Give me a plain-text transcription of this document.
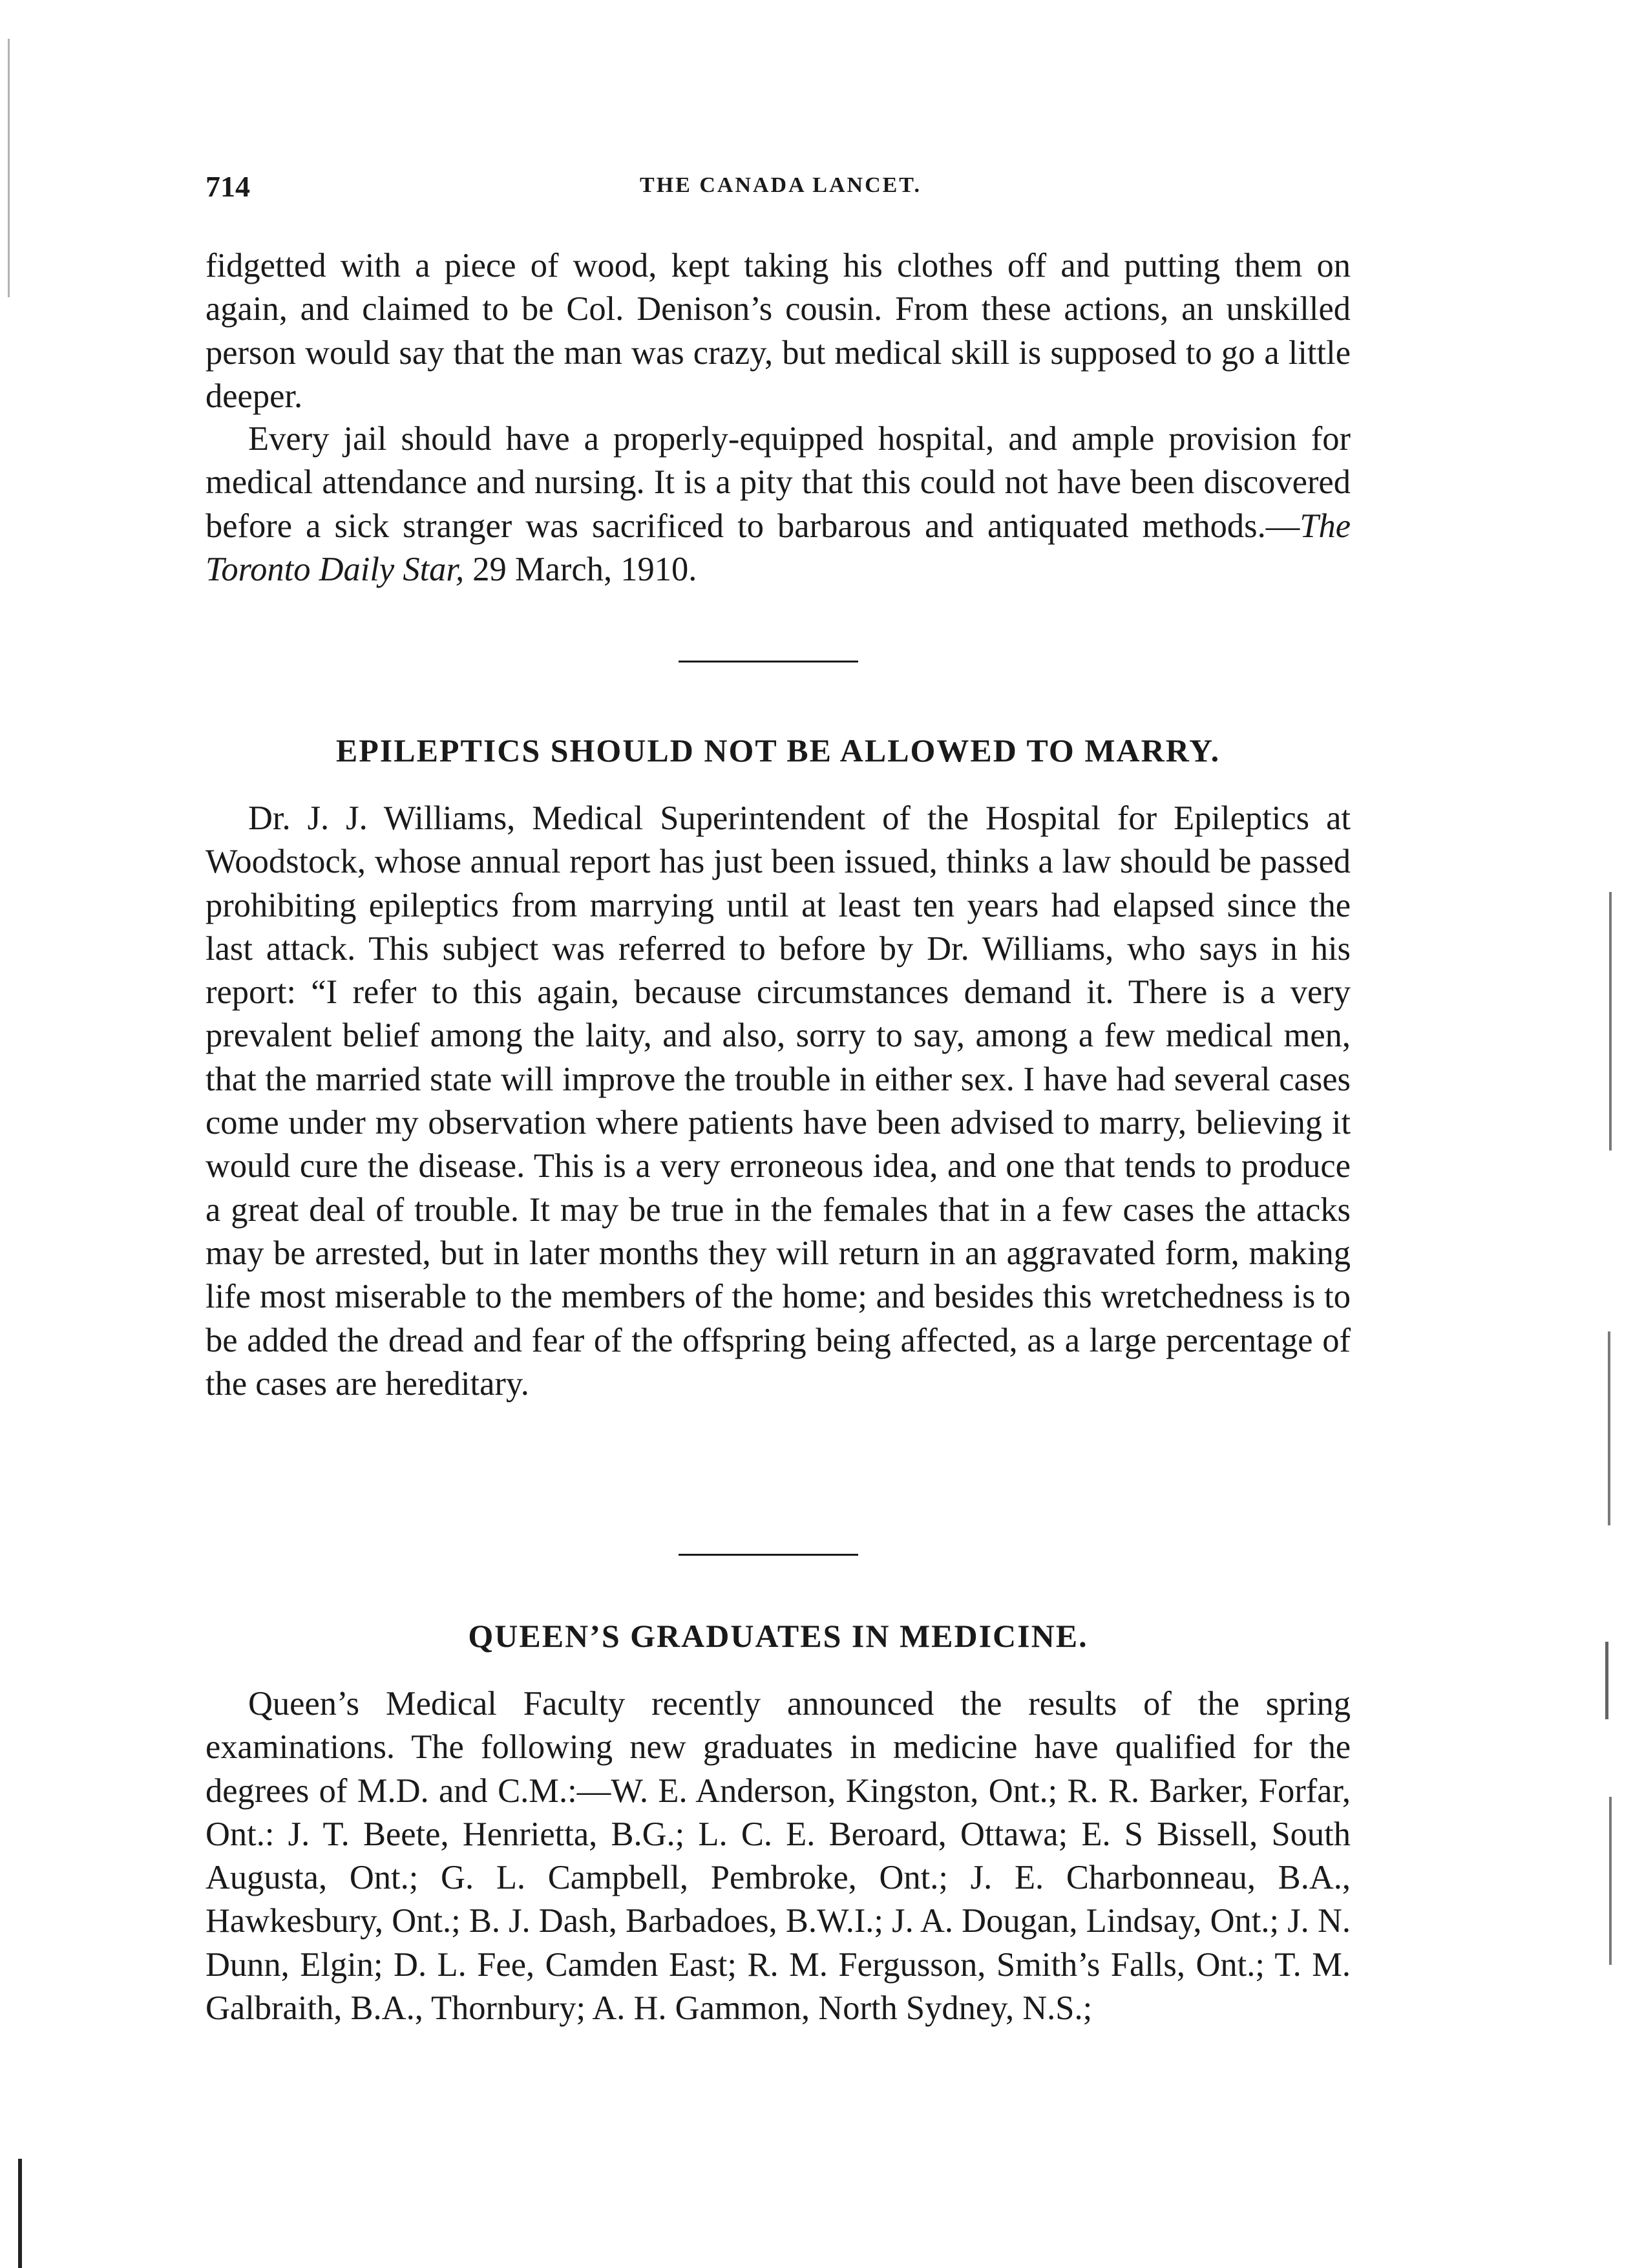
714	THE CANADA LANCET.

fidgetted with a piece of wood, kept taking his clothes off and putting them on again, and claimed to be Col. Denison’s cousin. From these actions, an unskilled person would say that the man was crazy, but medical skill is supposed to go a little deeper.

Every jail should have a properly-equipped hospital, and ample provision for medical attendance and nursing. It is a pity that this could not have been discovered before a sick stranger was sacrificed to barbarous and antiquated methods.—The Toronto Daily Star, 29 March, 1910.

EPILEPTICS SHOULD NOT BE ALLOWED TO MARRY.

Dr. J. J. Williams, Medical Superintendent of the Hospital for Epileptics at Woodstock, whose annual report has just been issued, thinks a law should be passed prohibiting epileptics from marrying until at least ten years had elapsed since the last attack. This subject was referred to before by Dr. Williams, who says in his report: “I refer to this again, because circumstances demand it. There is a very prevalent belief among the laity, and also, sorry to say, among a few medical men, that the married state will improve the trouble in either sex. I have had several cases come under my observation where patients have been advised to marry, believing it would cure the disease. This is a very erroneous idea, and one that tends to produce a great deal of trouble. It may be true in the females that in a few cases the attacks may be arrested, but in later months they will return in an aggravated form, making life most miserable to the members of the home; and besides this wretchedness is to be added the dread and fear of the offspring being affected, as a large percentage of the cases are hereditary.

QUEEN’S GRADUATES IN MEDICINE.

Queen’s Medical Faculty recently announced the results of the spring examinations. The following new graduates in medicine have qualified for the degrees of M.D. and C.M.:—W. E. Anderson, Kingston, Ont.; R. R. Barker, Forfar, Ont.: J. T. Beete, Henrietta, B.G.; L. C. E. Beroard, Ottawa; E. S Bissell, South Augusta, Ont.; G. L. Campbell, Pembroke, Ont.; J. E. Charbonneau, B.A., Hawkesbury, Ont.; B. J. Dash, Barbadoes, B.W.I.; J. A. Dougan, Lindsay, Ont.; J. N. Dunn, Elgin; D. L. Fee, Camden East; R. M. Fergusson, Smith’s Falls, Ont.; T. M. Galbraith, B.A., Thornbury; A. H. Gammon, North Sydney, N.S.;
